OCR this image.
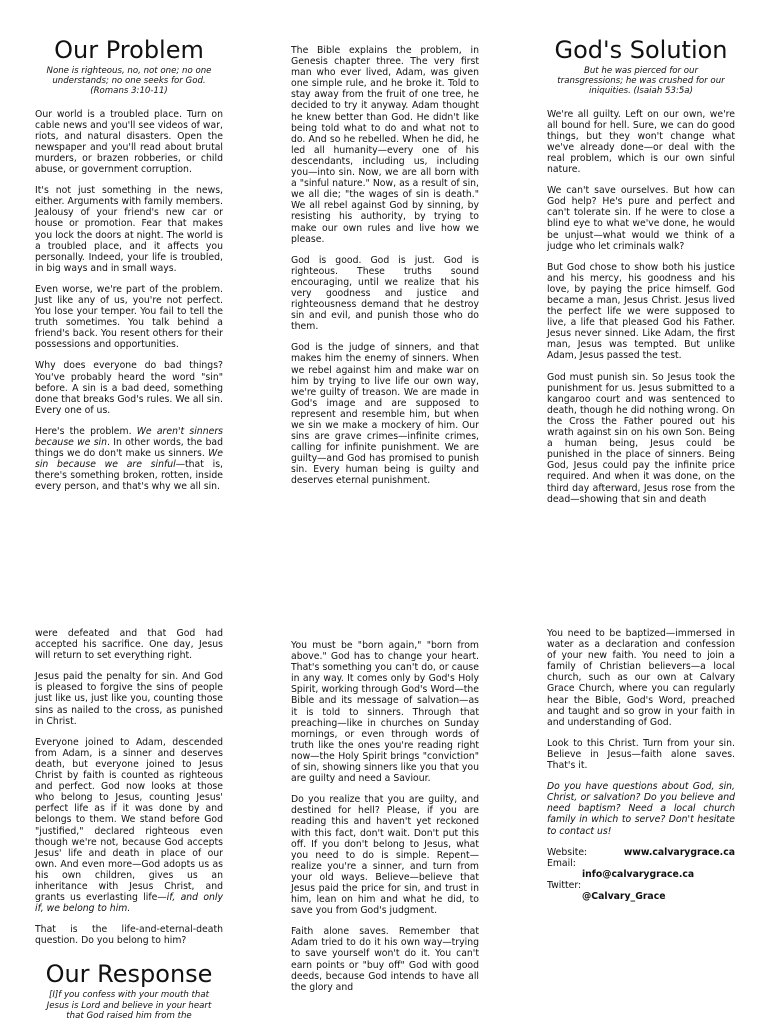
Our Problem
None is righteous, no, not one; no one understands; no one seeks for God. (Romans 3:10-11)

Our world is a troubled place. Turn on cable news and you'll see videos of war, riots, and natural disasters. Open the newspaper and you'll read about brutal murders, or brazen robberies, or child abuse, or government corruption.

It's not just something in the news, either. Arguments with family members. Jealousy of your friend's new car or house or promotion. Fear that makes you lock the doors at night. The world is a troubled place, and it affects you personally. Indeed, your life is troubled, in big ways and in small ways.

Even worse, we're part of the problem. Just like any of us, you're not perfect. You lose your temper. You fail to tell the truth sometimes. You talk behind a friend's back. You resent others for their possessions and opportunities.

Why does everyone do bad things? You've probably heard the word "sin" before. A sin is a bad deed, something done that breaks God's rules. We all sin. Every one of us.

Here's the problem. We aren't sinners because we sin. In other words, the bad things we do don't make us sinners. We sin because we are sinful—that is, there's something broken, rotten, inside every person, and that's why we all sin.

The Bible explains the problem, in Genesis chapter three. The very first man who ever lived, Adam, was given one simple rule, and he broke it. Told to stay away from the fruit of one tree, he decided to try it anyway. Adam thought he knew better than God. He didn't like being told what to do and what not to do. And so he rebelled. When he did, he led all humanity—every one of his descendants, including us, including you—into sin. Now, we are all born with a "sinful nature." Now, as a result of sin, we all die; "the wages of sin is death." We all rebel against God by sinning, by resisting his authority, by trying to make our own rules and live how we please.

God is good. God is just. God is righteous. These truths sound encouraging, until we realize that his very goodness and justice and righteousness demand that he destroy sin and evil, and punish those who do them.

God is the judge of sinners, and that makes him the enemy of sinners. When we rebel against him and make war on him by trying to live life our own way, we're guilty of treason. We are made in God's image and are supposed to represent and resemble him, but when we sin we make a mockery of him. Our sins are grave crimes—infinite crimes, calling for infinite punishment. We are guilty—and God has promised to punish sin. Every human being is guilty and deserves eternal punishment.

God's Solution
But he was pierced for our transgressions; he was crushed for our iniquities. (Isaiah 53:5a)

We're all guilty. Left on our own, we're all bound for hell. Sure, we can do good things, but they won't change what we've already done—or deal with the real problem, which is our own sinful nature.

We can't save ourselves. But how can God help? He's pure and perfect and can't tolerate sin. If he were to close a blind eye to what we've done, he would be unjust—what would we think of a judge who let criminals walk?

But God chose to show both his justice and his mercy, his goodness and his love, by paying the price himself. God became a man, Jesus Christ. Jesus lived the perfect life we were supposed to live, a life that pleased God his Father. Jesus never sinned. Like Adam, the first man, Jesus was tempted. But unlike Adam, Jesus passed the test.

God must punish sin. So Jesus took the punishment for us. Jesus submitted to a kangaroo court and was sentenced to death, though he did nothing wrong. On the Cross the Father poured out his wrath against sin on his own Son. Being a human being, Jesus could be punished in the place of sinners. Being God, Jesus could pay the infinite price required. And when it was done, on the third day afterward, Jesus rose from the dead—showing that sin and death

were defeated and that God had accepted his sacrifice. One day, Jesus will return to set everything right.

Jesus paid the penalty for sin. And God is pleased to forgive the sins of people just like us, just like you, counting those sins as nailed to the cross, as punished in Christ.

Everyone joined to Adam, descended from Adam, is a sinner and deserves death, but everyone joined to Jesus Christ by faith is counted as righteous and perfect. God now looks at those who belong to Jesus, counting Jesus' perfect life as if it was done by and belongs to them. We stand before God "justified," declared righteous even though we're not, because God accepts Jesus' life and death in place of our own. And even more—God adopts us as his own children, gives us an inheritance with Jesus Christ, and grants us everlasting life—if, and only if, we belong to him.

That is the life-and-eternal-death question. Do you belong to him?

Our Response
[I]f you confess with your mouth that Jesus is Lord and believe in your heart that God raised him from the

You must be "born again," "born from above." God has to change your heart. That's something you can't do, or cause in any way. It comes only by God's Holy Spirit, working through God's Word—the Bible and its message of salvation—as it is told to sinners. Through that preaching—like in churches on Sunday mornings, or even through words of truth like the ones you're reading right now—the Holy Spirit brings "conviction" of sin, showing sinners like you that you are guilty and need a Saviour.

Do you realize that you are guilty, and destined for hell? Please, if you are reading this and haven't yet reckoned with this fact, don't wait. Don't put this off. If you don't belong to Jesus, what you need to do is simple. Repent—realize you're a sinner, and turn from your old ways. Believe—believe that Jesus paid the price for sin, and trust in him, lean on him and what he did, to save you from God's judgment.

Faith alone saves. Remember that Adam tried to do it his own way—trying to save yourself won't do it. You can't earn points or "buy off" God with good deeds, because God intends to have all the glory and

You need to be baptized—immersed in water as a declaration and confession of your new faith. You need to join a family of Christian believers—a local church, such as our own at Calvary Grace Church, where you can regularly hear the Bible, God's Word, preached and taught and so grow in your faith in and understanding of God.

Look to this Christ. Turn from your sin. Believe in Jesus—faith alone saves. That's it.

Do you have questions about God, sin, Christ, or salvation? Do you believe and need baptism? Need a local church family in which to serve? Don't hesitate to contact us!

Website:	www.calvarygrace.ca
Email:
info@calvarygrace.ca
Twitter:
@Calvary_Grace
